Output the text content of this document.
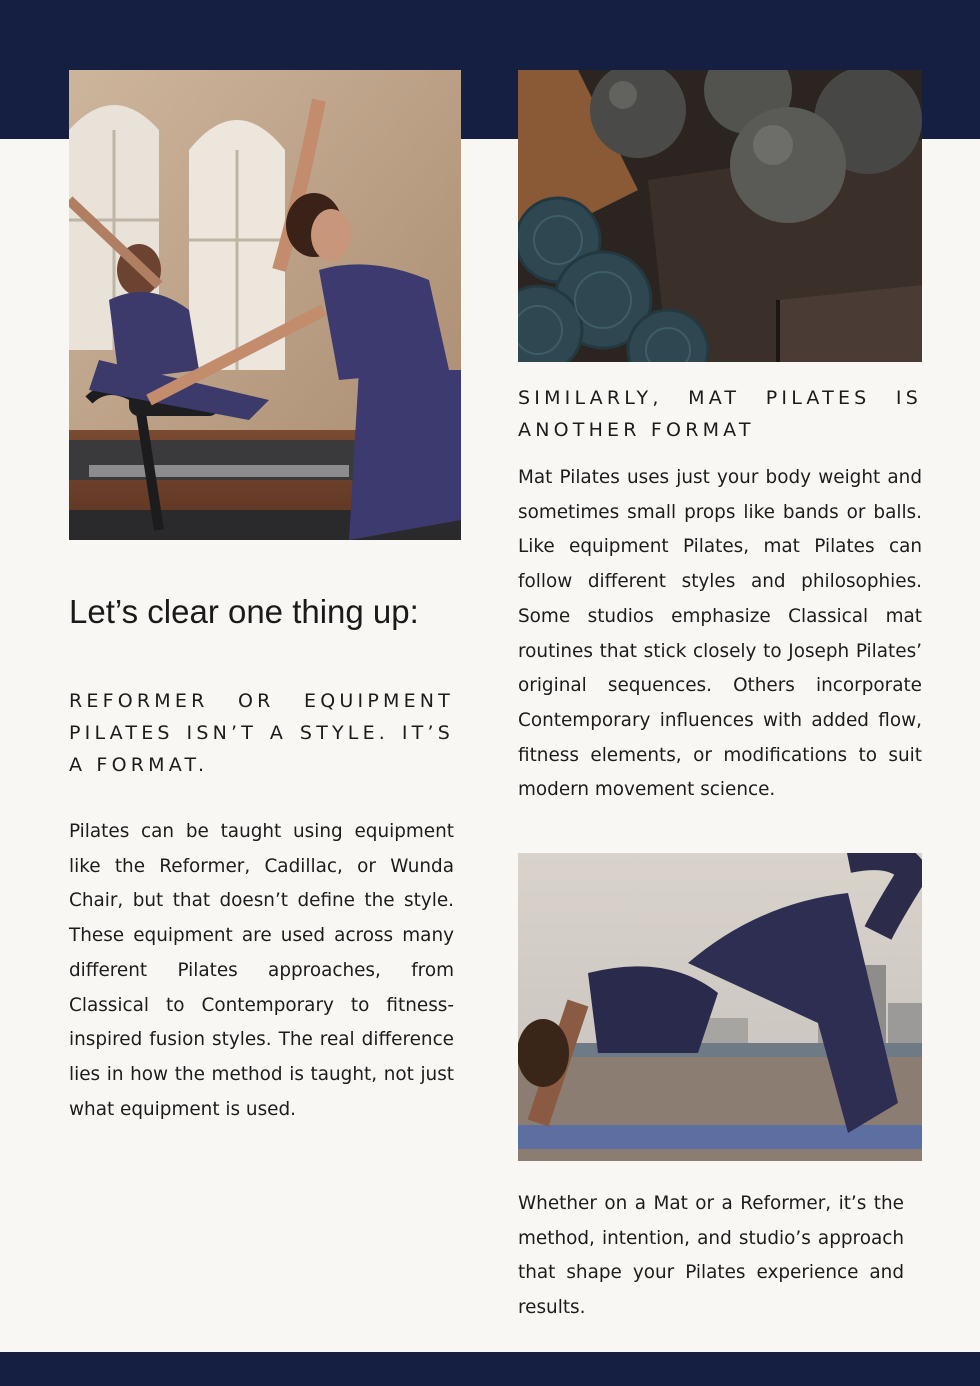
Let’s clear one thing up:

REFORMER OR EQUIPMENT PILATES ISN’T A STYLE. IT’S A FORMAT.

Pilates can be taught using equipment like the Reformer, Cadillac, or Wunda Chair, but that doesn’t define the style. These equipment are used across many different Pilates approaches, from Classical to Contemporary to fitness-inspired fusion styles. The real difference lies in how the method is taught, not just what equipment is used.

SIMILARLY, MAT PILATES IS ANOTHER FORMAT

Mat Pilates uses just your body weight and sometimes small props like bands or balls. Like equipment Pilates, mat Pilates can follow different styles and philosophies. Some studios emphasize Classical mat routines that stick closely to Joseph Pilates’ original sequences. Others incorporate Contemporary influences with added flow, fitness elements, or modifications to suit modern movement science.

Whether on a Mat or a Reformer, it’s the method, intention, and studio’s approach that shape your Pilates experience and results.
